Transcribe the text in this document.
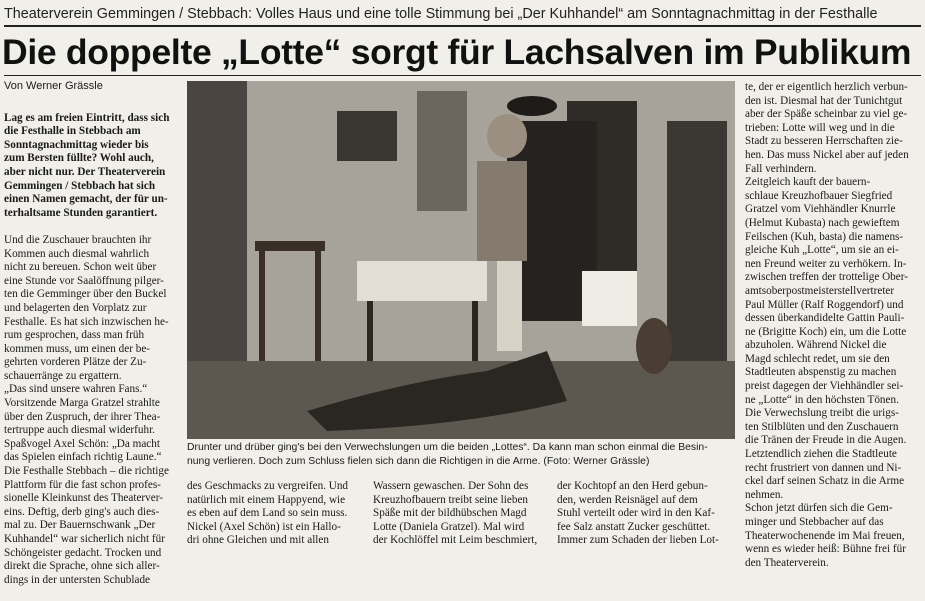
Theaterverein Gemmingen / Stebbach: Volles Haus und eine tolle Stimmung bei „Der Kuhhandel“ am Sonntagnachmittag in der Festhalle
Die doppelte „Lotte“ sorgt für Lachsalven im Publikum
Von Werner Grässle

Lag es am freien Eintritt, dass sich
die Festhalle in Stebbach am
Sonntagnachmittag wieder bis
zum Bersten füllte? Wohl auch,
aber nicht nur. Der Theaterverein
Gemmingen / Stebbach hat sich
einen Namen gemacht, der für un-
terhaltsame Stunden garantiert.

Und die Zuschauer brauchten ihr
Kommen auch diesmal wahrlich
nicht zu bereuen. Schon weit über
eine Stunde vor Saalöffnung pilger-
ten die Gemminger über den Buckel
und belagerten den Vorplatz zur
Festhalle. Es hat sich inzwischen he-
rum gesprochen, dass man früh
kommen muss, um einen der be-
gehrten vorderen Plätze der Zu-
schauerränge zu ergattern.
„Das sind unsere wahren Fans.“
Vorsitzende Marga Gratzel strahlte
über den Zuspruch, der ihrer Thea-
tertruppe auch diesmal widerfuhr.
Spaßvogel Axel Schön: „Da macht
das Spielen einfach richtig Laune.“
Die Festhalle Stebbach – die richtige
Plattform für die fast schon profes-
sionelle Kleinkunst des Theaterver-
eins. Deftig, derb ging's auch dies-
mal zu. Der Bauernschwank „Der
Kuhhandel“ war sicherlich nicht für
Schöngeister gedacht. Trocken und
direkt die Sprache, ohne sich aller-
dings in der untersten Schublade

Drunter und drüber ging's bei den Verwechslungen um die beiden „Lottes“. Da kann man schon einmal die Besin-
nung verlieren. Doch zum Schluss fielen sich dann die Richtigen in die Arme. (Foto: Werner Grässle)
des Geschmacks zu vergreifen. Und
natürlich mit einem Happyend, wie
es eben auf dem Land so sein muss.
Nickel (Axel Schön) ist ein Hallo-
dri ohne Gleichen und mit allen
Wassern gewaschen. Der Sohn des
Kreuzhofbauern treibt seine lieben
Späße mit der bildhübschen Magd
Lotte (Daniela Gratzel). Mal wird
der Kochlöffel mit Leim beschmiert,
der Kochtopf an den Herd gebun-
den, werden Reisnägel auf dem
Stuhl verteilt oder wird in den Kaf-
fee Salz anstatt Zucker geschüttet.
Immer zum Schaden der lieben Lot-
te, der er eigentlich herzlich verbun-
den ist. Diesmal hat der Tunichtgut
aber der Späße scheinbar zu viel ge-
trieben: Lotte will weg und in die
Stadt zu besseren Herrschaften zie-
hen. Das muss Nickel aber auf jeden
Fall verhindern.
Zeitgleich kauft der bauern-
schlaue Kreuzhofbauer Siegfried
Gratzel vom Viehhändler Knurrle
(Helmut Kubasta) nach gewieftem
Feilschen (Kuh, basta) die namens-
gleiche Kuh „Lotte“, um sie an ei-
nen Freund weiter zu verhökern. In-
zwischen treffen der trottelige Ober-
amtsoberpostmeisterstellvertreter
Paul Müller (Ralf Roggendorf) und
dessen überkandidelte Gattin Pauli-
ne (Brigitte Koch) ein, um die Lotte
abzuholen. Während Nickel die
Magd schlecht redet, um sie den
Stadtleuten abspenstig zu machen
preist dagegen der Viehhändler sei-
ne „Lotte“ in den höchsten Tönen.
Die Verwechslung treibt die urigs-
ten Stilblüten und den Zuschauern
die Tränen der Freude in die Augen.
Letztendlich ziehen die Stadtleute
recht frustriert von dannen und Ni-
ckel darf seinen Schatz in die Arme
nehmen.
Schon jetzt dürfen sich die Gem-
minger und Stebbacher auf das
Theaterwochenende im Mai freuen,
wenn es wieder heiß: Bühne frei für
den Theaterverein.
